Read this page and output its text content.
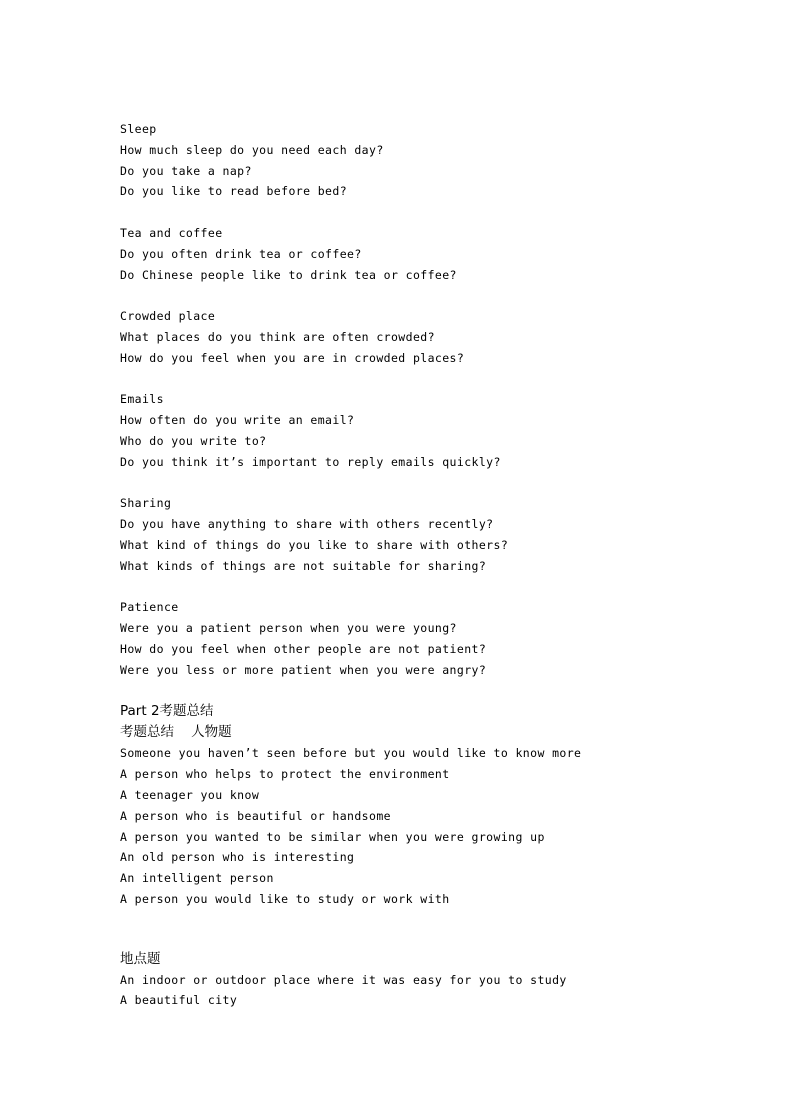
Sleep
How much sleep do you need each day?
Do you take a nap?
Do you like to read before bed?
Tea and coffee
Do you often drink tea or coffee?
Do Chinese people like to drink tea or coffee?
Crowded place
What places do you think are often crowded?
How do you feel when you are in crowded places?
Emails
How often do you write an email?
Who do you write to?
Do you think it’s important to reply emails quickly?
Sharing
Do you have anything to share with others recently?
What kind of things do you like to share with others?
What kinds of things are not suitable for sharing?
Patience
Were you a patient person when you were young?
How do you feel when other people are not patient?
Were you less or more patient when you were angry?
Part 2考题总结
考题总结    人物题
Someone you haven’t seen before but you would like to know more
A person who helps to protect the environment
A teenager you know
A person who is beautiful or handsome
A person you wanted to be similar when you were growing up
An old person who is interesting
An intelligent person
A person you would like to study or work with
地点题
An indoor or outdoor place where it was easy for you to study
A beautiful city
